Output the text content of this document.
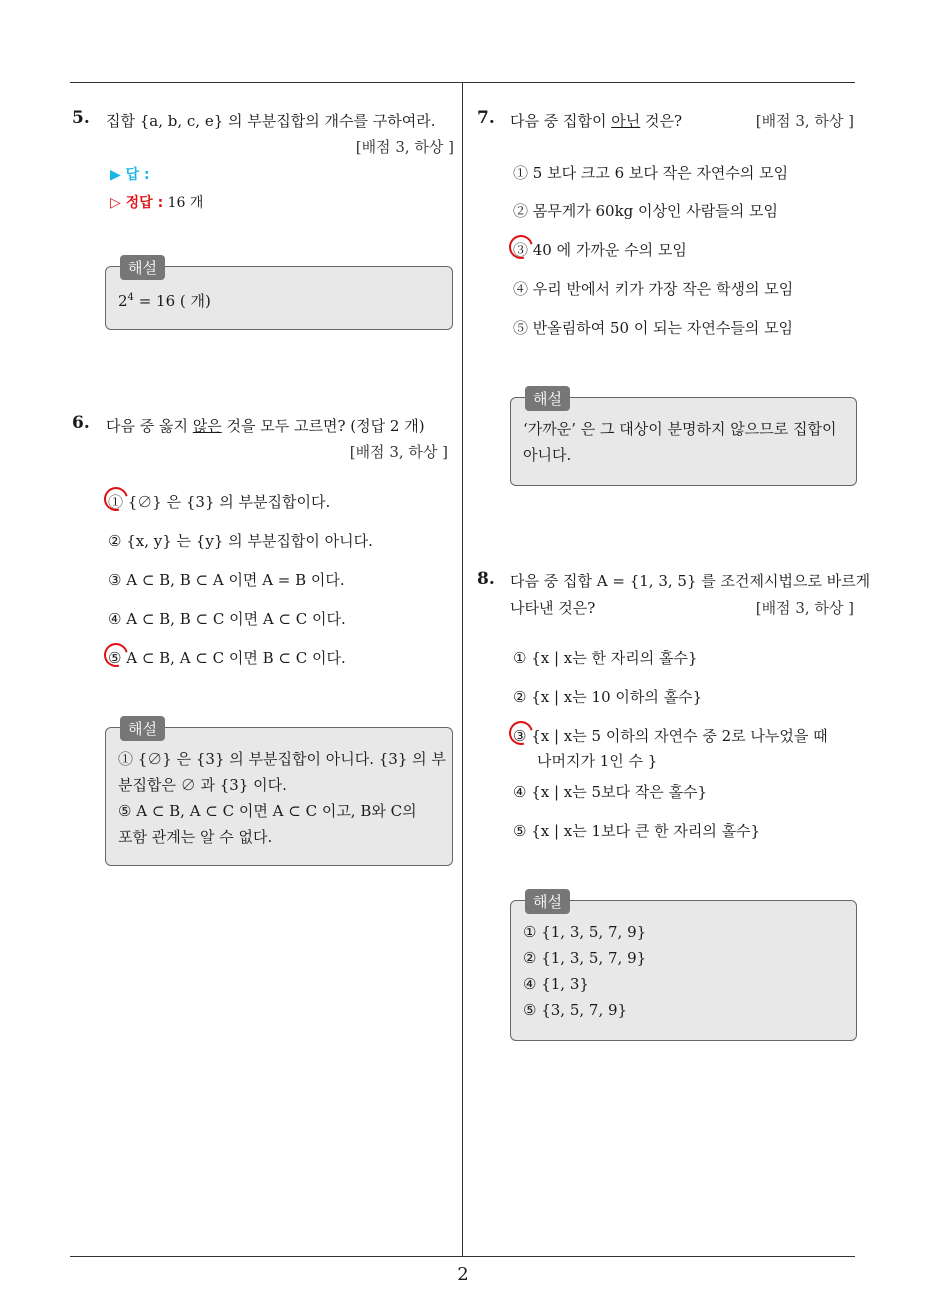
2
5. 집합 {a, b, c, e} 의 부분집합의 개수를 구하여라.
[배점 3, 하상 ]
▶ 답 :
▷ 정답 : 16 개
해설
$2^4 = 16$ ( 개)
6. 다음 중 옳지 않은 것을 모두 고르면? (정답 2 개)
[배점 3, 하상 ]
① {∅} 은 {3} 의 부분집합이다.
② {x, y} 는 {y} 의 부분집합이 아니다.
③ A ⊂ B, B ⊂ A 이면 A = B 이다.
④ A ⊂ B, B ⊂ C 이면 A ⊂ C 이다.
⑤ A ⊂ B, A ⊂ C 이면 B ⊂ C 이다.
해설
① {∅} 은 {3} 의 부분집합이 아니다. {3} 의 부
분집합은 ∅ 과 {3} 이다.
⑤ A ⊂ B, A ⊂ C 이면 A ⊂ C 이고, B와 C의
포함 관계는 알 수 없다.
7. 다음 중 집합이 아닌 것은?	[배점 3, 하상 ]
① 5 보다 크고 6 보다 작은 자연수의 모임
② 몸무게가 60kg 이상인 사람들의 모임
③ 40 에 가까운 수의 모임
④ 우리 반에서 키가 가장 작은 학생의 모임
⑤ 반올림하여 50 이 되는 자연수들의 모임
해설
‘가까운’ 은 그 대상이 분명하지 않으므로 집합이
아니다.
8. 다음 중 집합 A = {1, 3, 5} 를 조건제시법으로 바르게
나타낸 것은?	[배점 3, 하상 ]
① {x | x는 한 자리의 홀수}
② {x | x는 10 이하의 홀수}
③ {x | x는 5 이하의 자연수 중 2로 나누었을 때
나머지가 1인 수 }
④ {x | x는 5보다 작은 홀수}
⑤ {x | x는 1보다 큰 한 자리의 홀수}
해설
① {1, 3, 5, 7, 9}
② {1, 3, 5, 7, 9}
④ {1, 3}
⑤ {3, 5, 7, 9}
